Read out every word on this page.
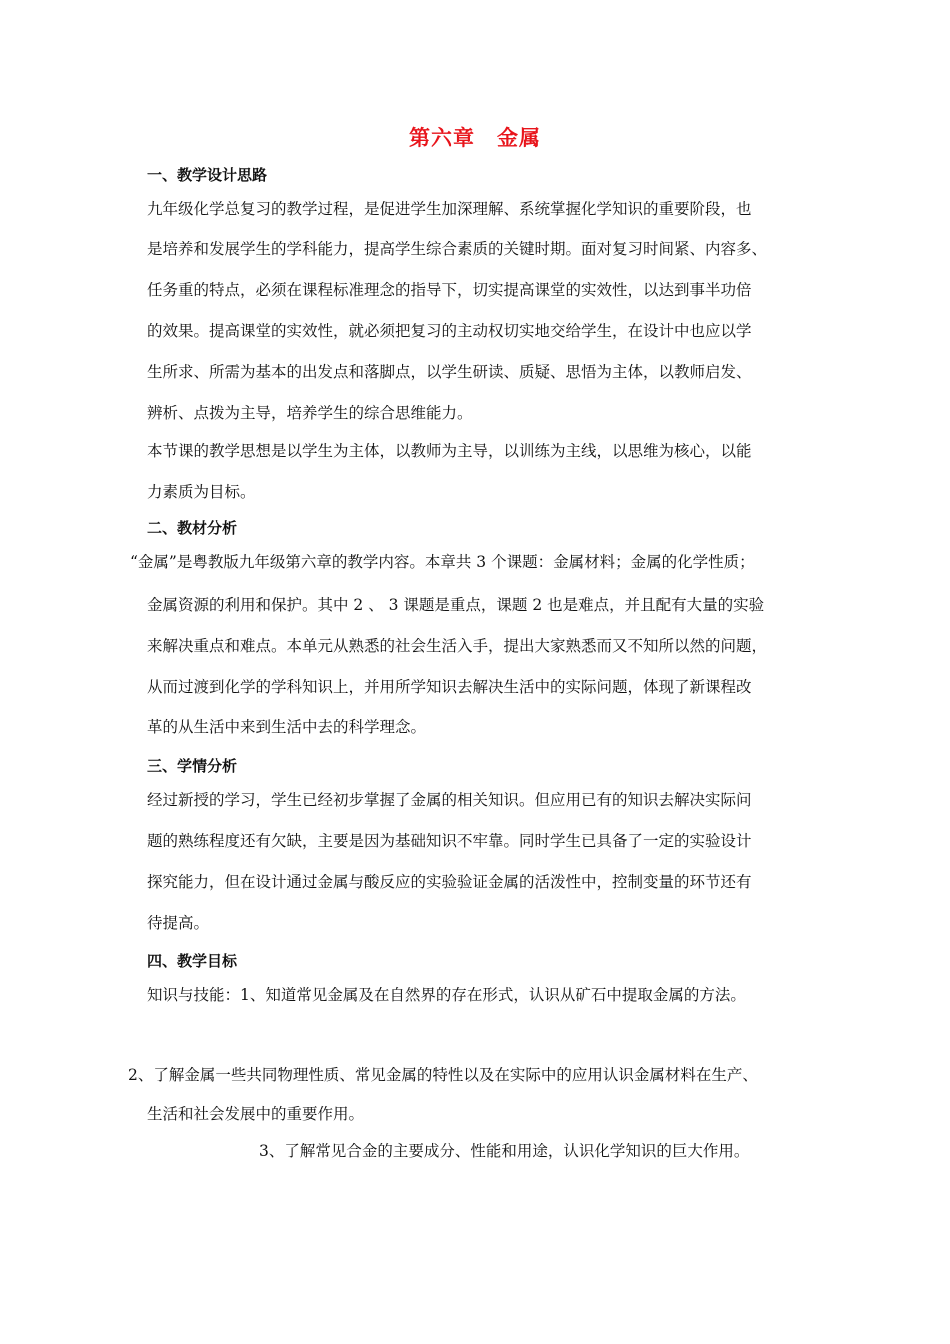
第六章　金属
一、教学设计思路
九年级化学总复习的教学过程，是促进学生加深理解、系统掌握化学知识的重要阶段，也
是培养和发展学生的学科能力，提高学生综合素质的关键时期。面对复习时间紧、内容多、
任务重的特点，必须在课程标准理念的指导下，切实提高课堂的实效性，以达到事半功倍
的效果。提高课堂的实效性，就必须把复习的主动权切实地交给学生，在设计中也应以学
生所求、所需为基本的出发点和落脚点，以学生研读、质疑、思悟为主体，以教师启发、
辨析、点拨为主导，培养学生的综合思维能力。
本节课的教学思想是以学生为主体，以教师为主导，以训练为主线，以思维为核心，以能
力素质为目标。
二、教材分析
“金属”是粤教版九年级第六章的教学内容。本章共 3 个课题：金属材料；金属的化学性质；
金属资源的利用和保护。其中 2 、 3 课题是重点，课题 2 也是难点，并且配有大量的实验
来解决重点和难点。本单元从熟悉的社会生活入手，提出大家熟悉而又不知所以然的问题，
从而过渡到化学的学科知识上，并用所学知识去解决生活中的实际问题，体现了新课程改
革的从生活中来到生活中去的科学理念。
三、学情分析
经过新授的学习，学生已经初步掌握了金属的相关知识。但应用已有的知识去解决实际问
题的熟练程度还有欠缺，主要是因为基础知识不牢靠。同时学生已具备了一定的实验设计
探究能力，但在设计通过金属与酸反应的实验验证金属的活泼性中，控制变量的环节还有
待提高。
四、教学目标
知识与技能：1、知道常见金属及在自然界的存在形式，认识从矿石中提取金属的方法。
2、了解金属一些共同物理性质、常见金属的特性以及在实际中的应用认识金属材料在生产、
生活和社会发展中的重要作用。
3、了解常见合金的主要成分、性能和用途，认识化学知识的巨大作用。
